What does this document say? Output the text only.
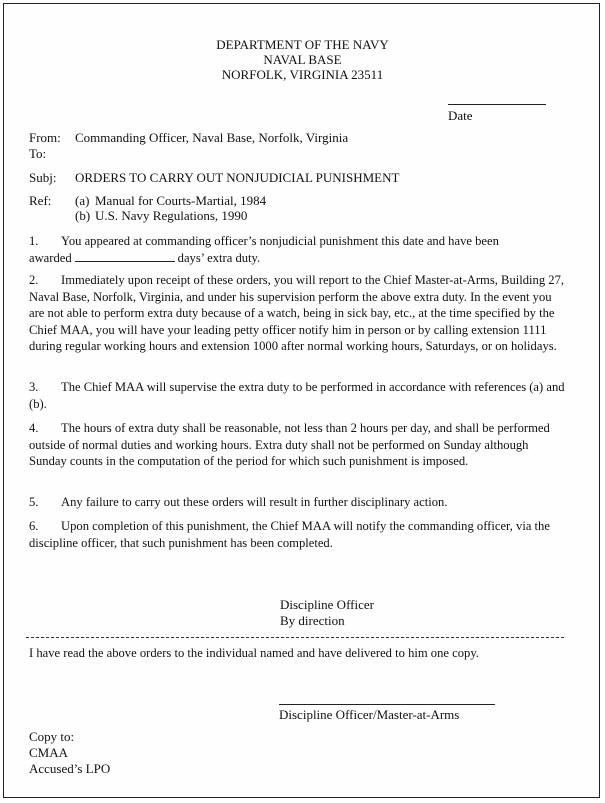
DEPARTMENT OF THE NAVY
NAVAL BASE
NORFOLK, VIRGINIA 23511
Date
From: Commanding Officer, Naval Base, Norfolk, Virginia
To:
Subj: ORDERS TO CARRY OUT NONJUDICIAL PUNISHMENT
Ref: (a) Manual for Courts-Martial, 1984
(b) U.S. Navy Regulations, 1990
1. You appeared at commanding officer’s nonjudicial punishment this date and have been
awarded	days’ extra duty.
2. Immediately upon receipt of these orders, you will report to the Chief Master-at-Arms, Building 27, Naval Base, Norfolk, Virginia, and under his supervision perform the above extra duty. In the event you are not able to perform extra duty because of a watch, being in sick bay, etc., at the time specified by the Chief MAA, you will have your leading petty officer notify him in person or by calling extension 1111 during regular working hours and extension 1000 after normal working hours, Saturdays, or on holidays.
3. The Chief MAA will supervise the extra duty to be performed in accordance with references (a) and (b).
4. The hours of extra duty shall be reasonable, not less than 2 hours per day, and shall be performed outside of normal duties and working hours. Extra duty shall not be performed on Sunday although Sunday counts in the computation of the period for which such punishment is imposed.
5. Any failure to carry out these orders will result in further disciplinary action.
6. Upon completion of this punishment, the Chief MAA will notify the commanding officer, via the discipline officer, that such punishment has been completed.
Discipline Officer
By direction
I have read the above orders to the individual named and have delivered to him one copy.
Discipline Officer/Master-at-Arms
Copy to:
CMAA
Accused’s LPO
